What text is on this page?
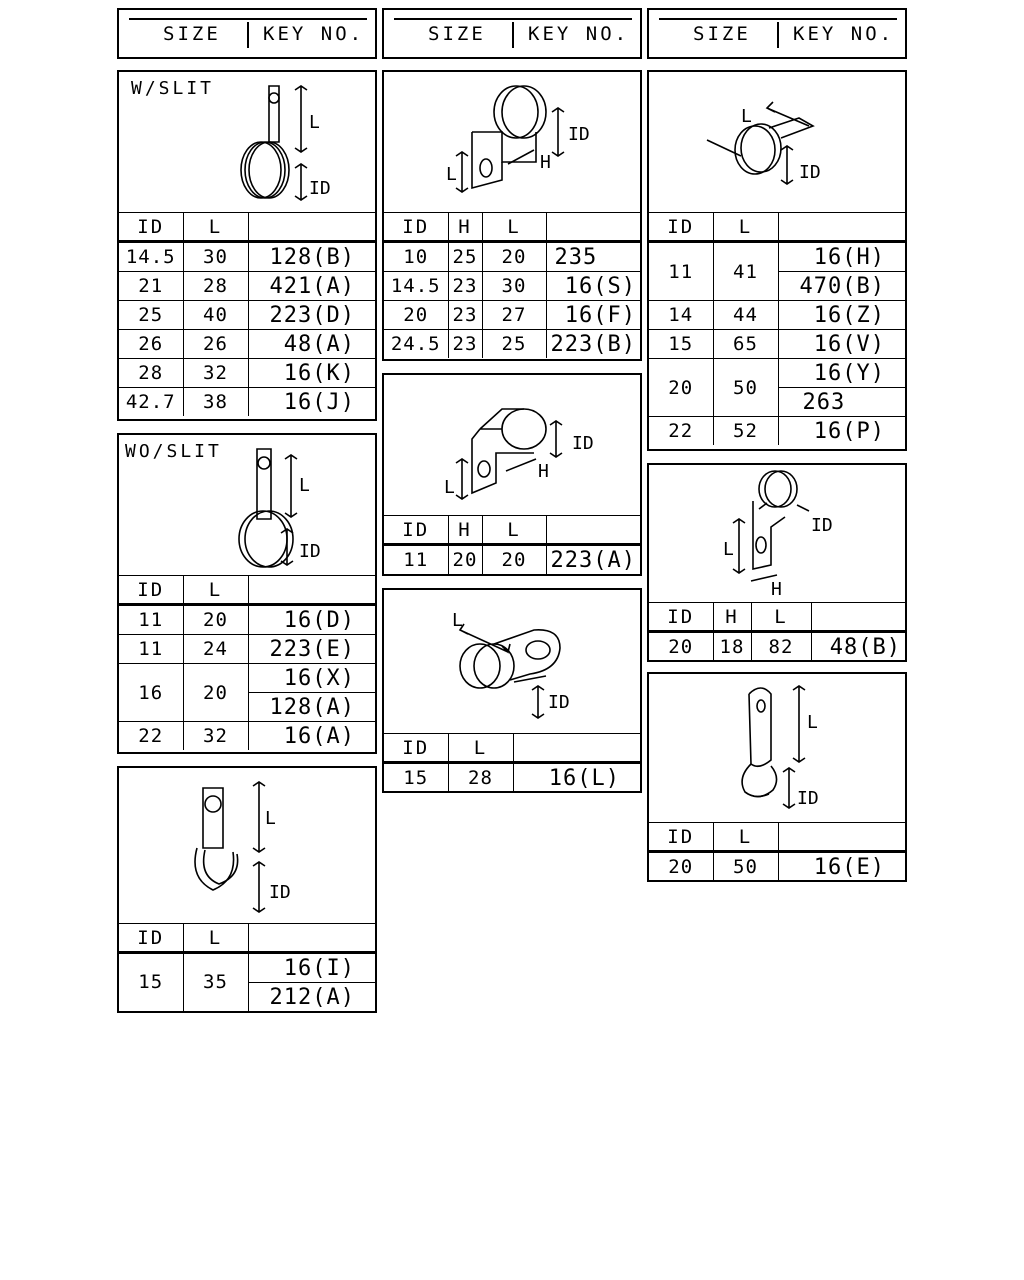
SIZE KEY NO.	SIZE KEY NO.	SIZE KEY NO.
W/SLIT
L
ID
ID	L	
14.5	30	128(B)
21	28	421(A)
25	40	223(D)
26	26	48(A)
28	32	16(K)
42.7	38	16(J)
WO/SLIT
L
ID
ID	L	
11	20	16(D)
11	24	223(E)
16	20	16(X)
		128(A)
22	32	16(A)
L
ID
ID	L	
15	35	16(I)
		212(A)
ID
H
L
ID	H	L	
10	25	20	235
14.5	23	30	16(S)
20	23	27	16(F)
24.5	23	25	223(B)
ID
H
L
ID	H	L	
11	20	20	223(A)
L
ID
ID	L	
15	28	16(L)
L
ID
ID	L	
11	41	16(H)
		470(B)
14	44	16(Z)
15	65	16(V)
20	50	16(Y)
		263
22	52	16(P)
L
ID
H
ID	H	L	
20	18	82	48(B)
L
ID
ID	L	
20	50	16(E)
